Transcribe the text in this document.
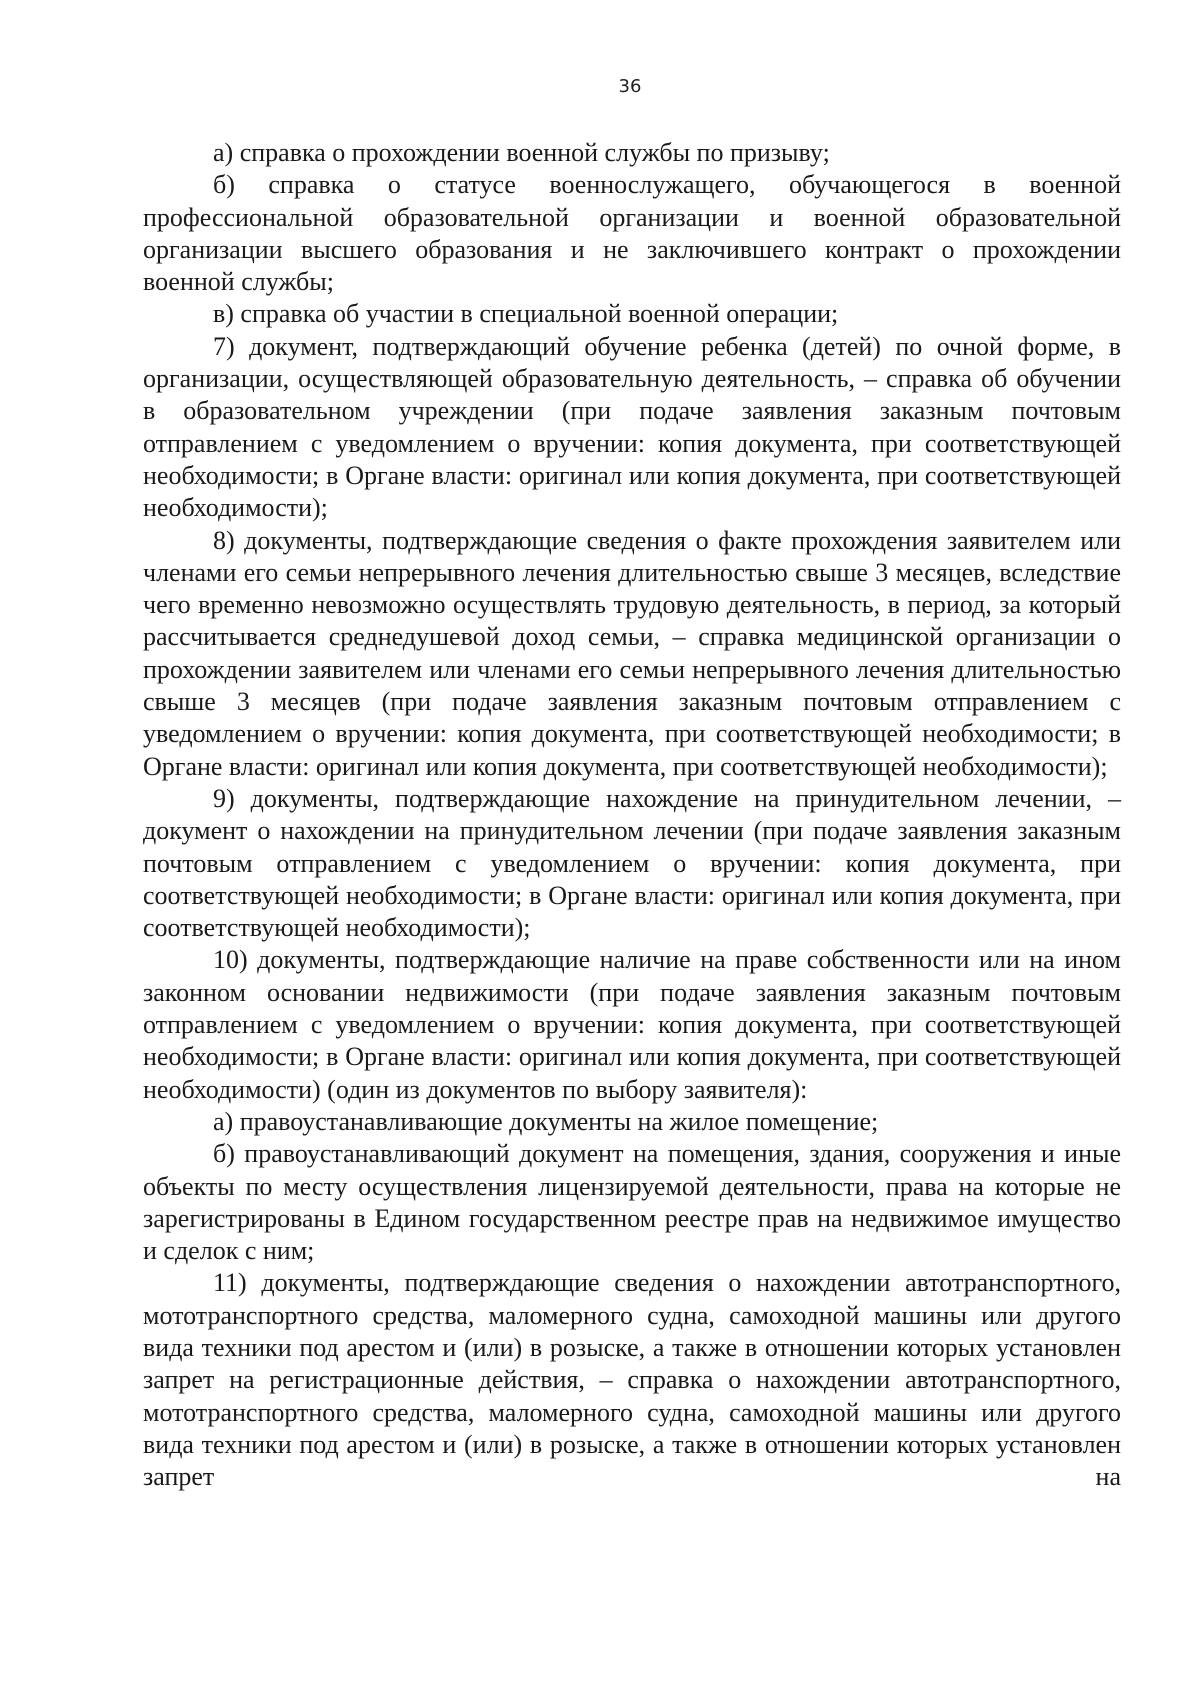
36

а) справка о прохождении военной службы по призыву;

б) справка о статусе военнослужащего, обучающегося в военной профессиональной образовательной организации и военной образовательной организации высшего образования и не заключившего контракт о прохождении военной службы;

в) справка об участии в специальной военной операции;

7) документ, подтверждающий обучение ребенка (детей) по очной форме, в организации, осуществляющей образовательную деятельность, – справка об обучении в образовательном учреждении (при подаче заявления заказным почтовым отправлением с уведомлением о вручении: копия документа, при соответствующей необходимости; в Органе власти: оригинал или копия документа, при соответствующей необходимости);

8) документы, подтверждающие сведения о факте прохождения заявителем или членами его семьи непрерывного лечения длительностью свыше 3 месяцев, вследствие чего временно невозможно осуществлять трудовую деятельность, в период, за который рассчитывается среднедушевой доход семьи, – справка медицинской организации о прохождении заявителем или членами его семьи непрерывного лечения длительностью свыше 3 месяцев (при подаче заявления заказным почтовым отправлением с уведомлением о вручении: копия документа, при соответствующей необходимости; в Органе власти: оригинал или копия документа, при соответствующей необходимости);

9) документы, подтверждающие нахождение на принудительном лечении, – документ о нахождении на принудительном лечении (при подаче заявления заказным почтовым отправлением с уведомлением о вручении: копия документа, при соответствующей необходимости; в Органе власти: оригинал или копия документа, при соответствующей необходимости);

10) документы, подтверждающие наличие на праве собственности или на ином законном основании недвижимости (при подаче заявления заказным почтовым отправлением с уведомлением о вручении: копия документа, при соответствующей необходимости; в Органе власти: оригинал или копия документа, при соответствующей необходимости) (один из документов по выбору заявителя):

а) правоустанавливающие документы на жилое помещение;

б) правоустанавливающий документ на помещения, здания, сооружения и иные объекты по месту осуществления лицензируемой деятельности, права на которые не зарегистрированы в Едином государственном реестре прав на недвижимое имущество и сделок с ним;

11) документы, подтверждающие сведения о нахождении автотранспортного, мототранспортного средства, маломерного судна, самоходной машины или другого вида техники под арестом и (или) в розыске, а также в отношении которых установлен запрет на регистрационные действия, – справка о нахождении автотранспортного, мототранспортного средства, маломерного судна, самоходной машины или другого вида техники под арестом и (или) в розыске, а также в отношении которых установлен запрет на
